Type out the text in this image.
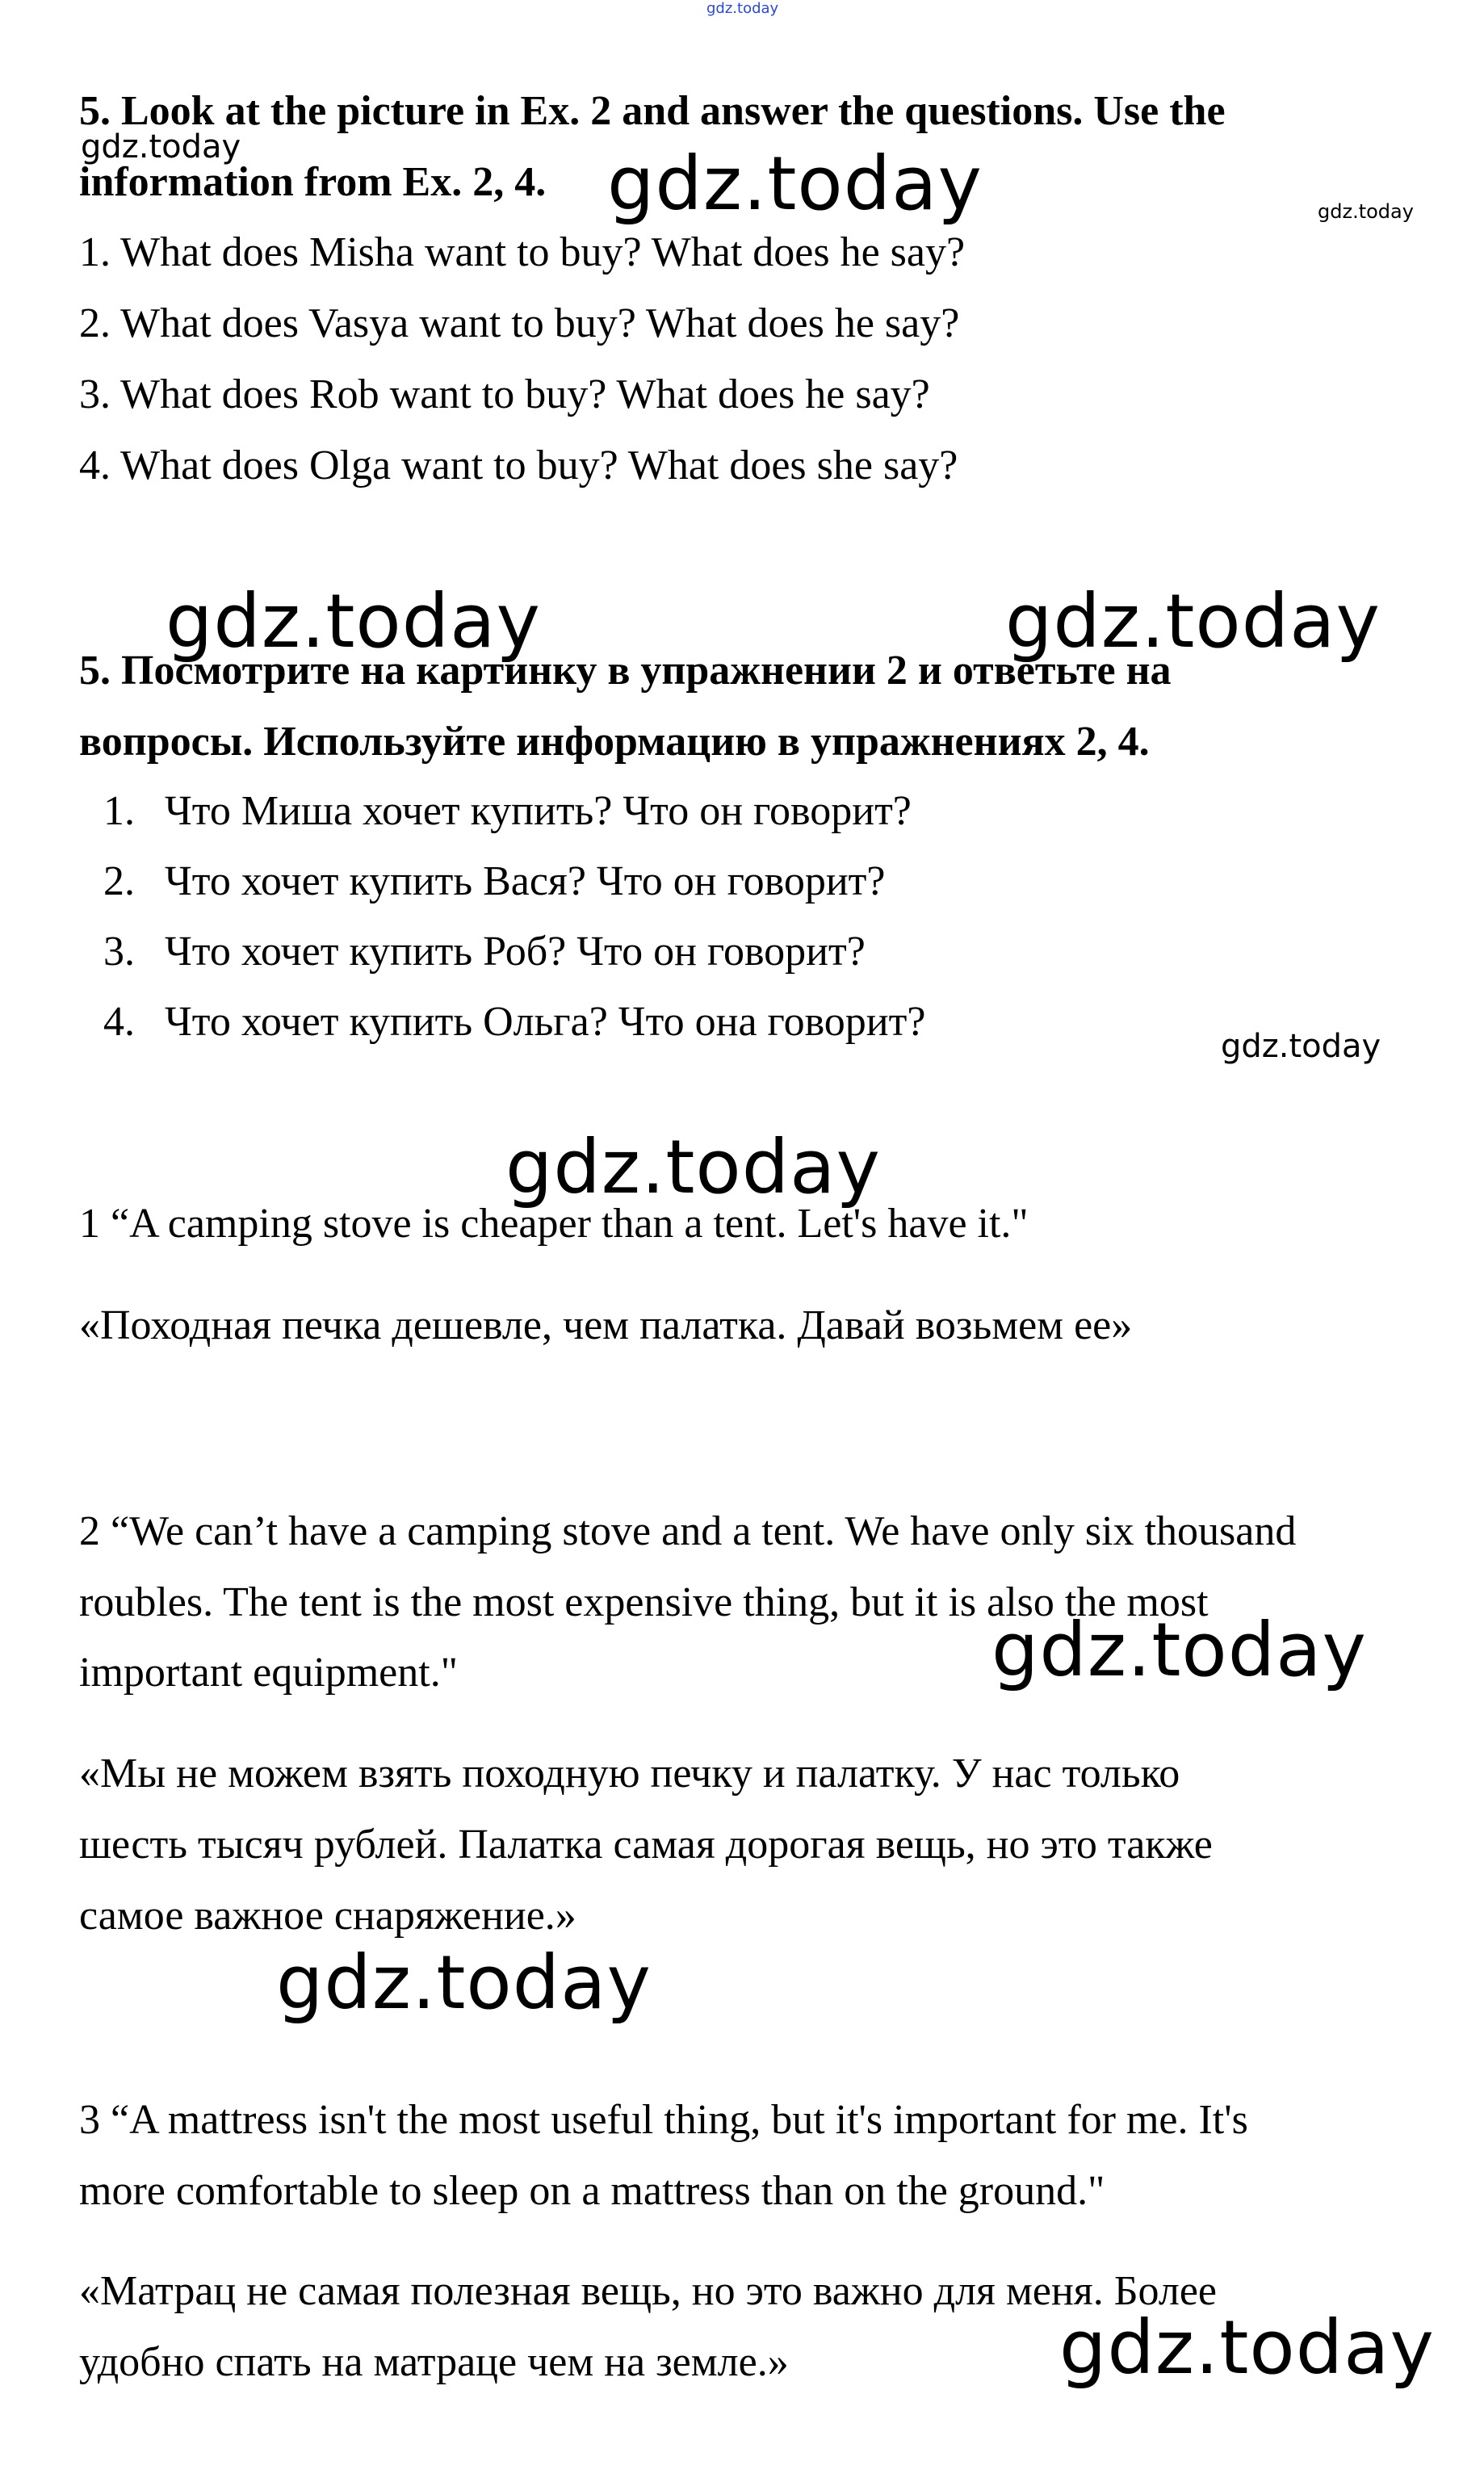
gdz.today
5. Look at the picture in Ex. 2 and answer the questions. Use the
gdz.today
information from Ex. 2, 4. gdz.today	gdz.today
1. What does Misha want to buy? What does he say?
2. What does Vasya want to buy? What does he say?
3. What does Rob want to buy? What does he say?
4. What does Olga want to buy? What does she say?
gdz.today	gdz.today
5. Посмотрите на картинку в упражнении 2 и ответьте на
вопросы. Используйте информацию в упражнениях 2, 4.
1. Что Миша хочет купить? Что он говорит?
2. Что хочет купить Вася? Что он говорит?
3. Что хочет купить Роб? Что он говорит?
4. Что хочет купить Ольга? Что она говорит?
gdz.today
gdz.today
1 “A camping stove is cheaper than a tent. Let's have it."
«Походная печка дешевле, чем палатка. Давай возьмем ее»
2 “We can’t have a camping stove and a tent. We have only six thousand
roubles. The tent is the most expensive thing, but it is also the most
important equipment."	gdz.today
«Мы не можем взять походную печку и палатку. У нас только
шесть тысяч рублей. Палатка самая дорогая вещь, но это также
самое важное снаряжение.»
gdz.today
3 “A mattress isn't the most useful thing, but it's important for me. It's
more comfortable to sleep on a mattress than on the ground."
«Матрац не самая полезная вещь, но это важно для меня. Более
удобно спать на матраце чем на земле.»	gdz.today
